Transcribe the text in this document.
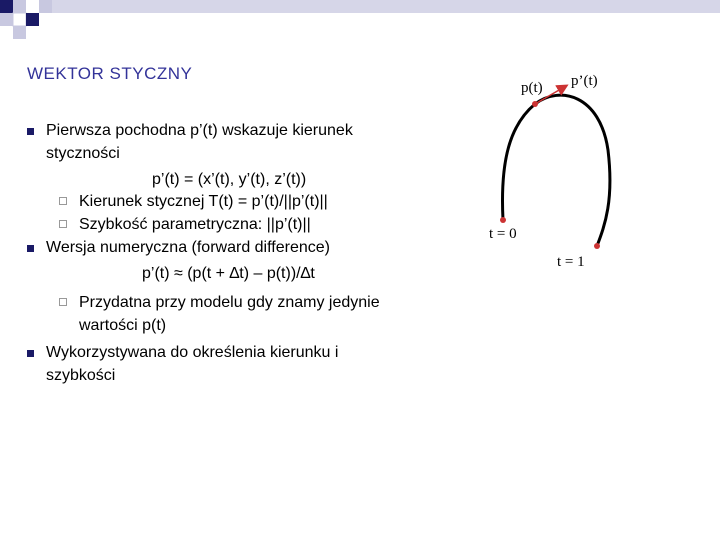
WEKTOR STYCZNY
Pierwsza pochodna p’(t) wskazuje kierunek
styczności
p’(t) = (x’(t), y’(t), z’(t))
Kierunek stycznej T(t) = p’(t)/||p’(t)||
Szybkość parametryczna: ||p’(t)||
Wersja numeryczna (forward difference)
p’(t) ≈ (p(t + ∆t) – p(t))/∆t
Przydatna przy modelu gdy znamy jedynie
wartości p(t)
Wykorzystywana do określenia kierunku i
szybkości
p(t) p’(t)
t = 0
t = 1
